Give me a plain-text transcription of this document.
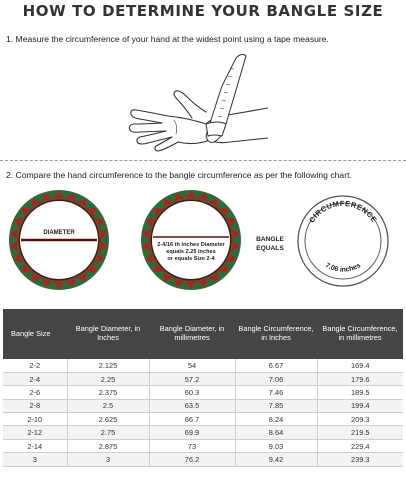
HOW TO DETERMINE YOUR BANGLE SIZE
1. Measure the circumference of your hand at the widest point using a tape measure.
2. Compare the hand circumference to the bangle circumference as per the following chart.
DIAMETER
2-4/16 th inches Diameter
equals 2.25 inches
or equals Size 2-4
BANGLE
EQUALS
CIRCUMFERENCE
7.06 inches
Bangle Size	Bangle Diameter, in Inches	Bangle Diameter, in millimetres	Bangle Circumference, in Inches	Bangle Circumference, in millimetres
2-2	2.125	54	6.67	169.4
2-4	2.25	57.2	7.06	179.6
2-6	2.375	60.3	7.46	189.5
2-8	2.5	63.5	7.85	199.4
2-10	2.625	66.7	8.24	209.3
2-12	2.75	69.9	8.64	219.5
2-14	2.875	73	9.03	229.4
3	3	76.2	9.42	239.3
